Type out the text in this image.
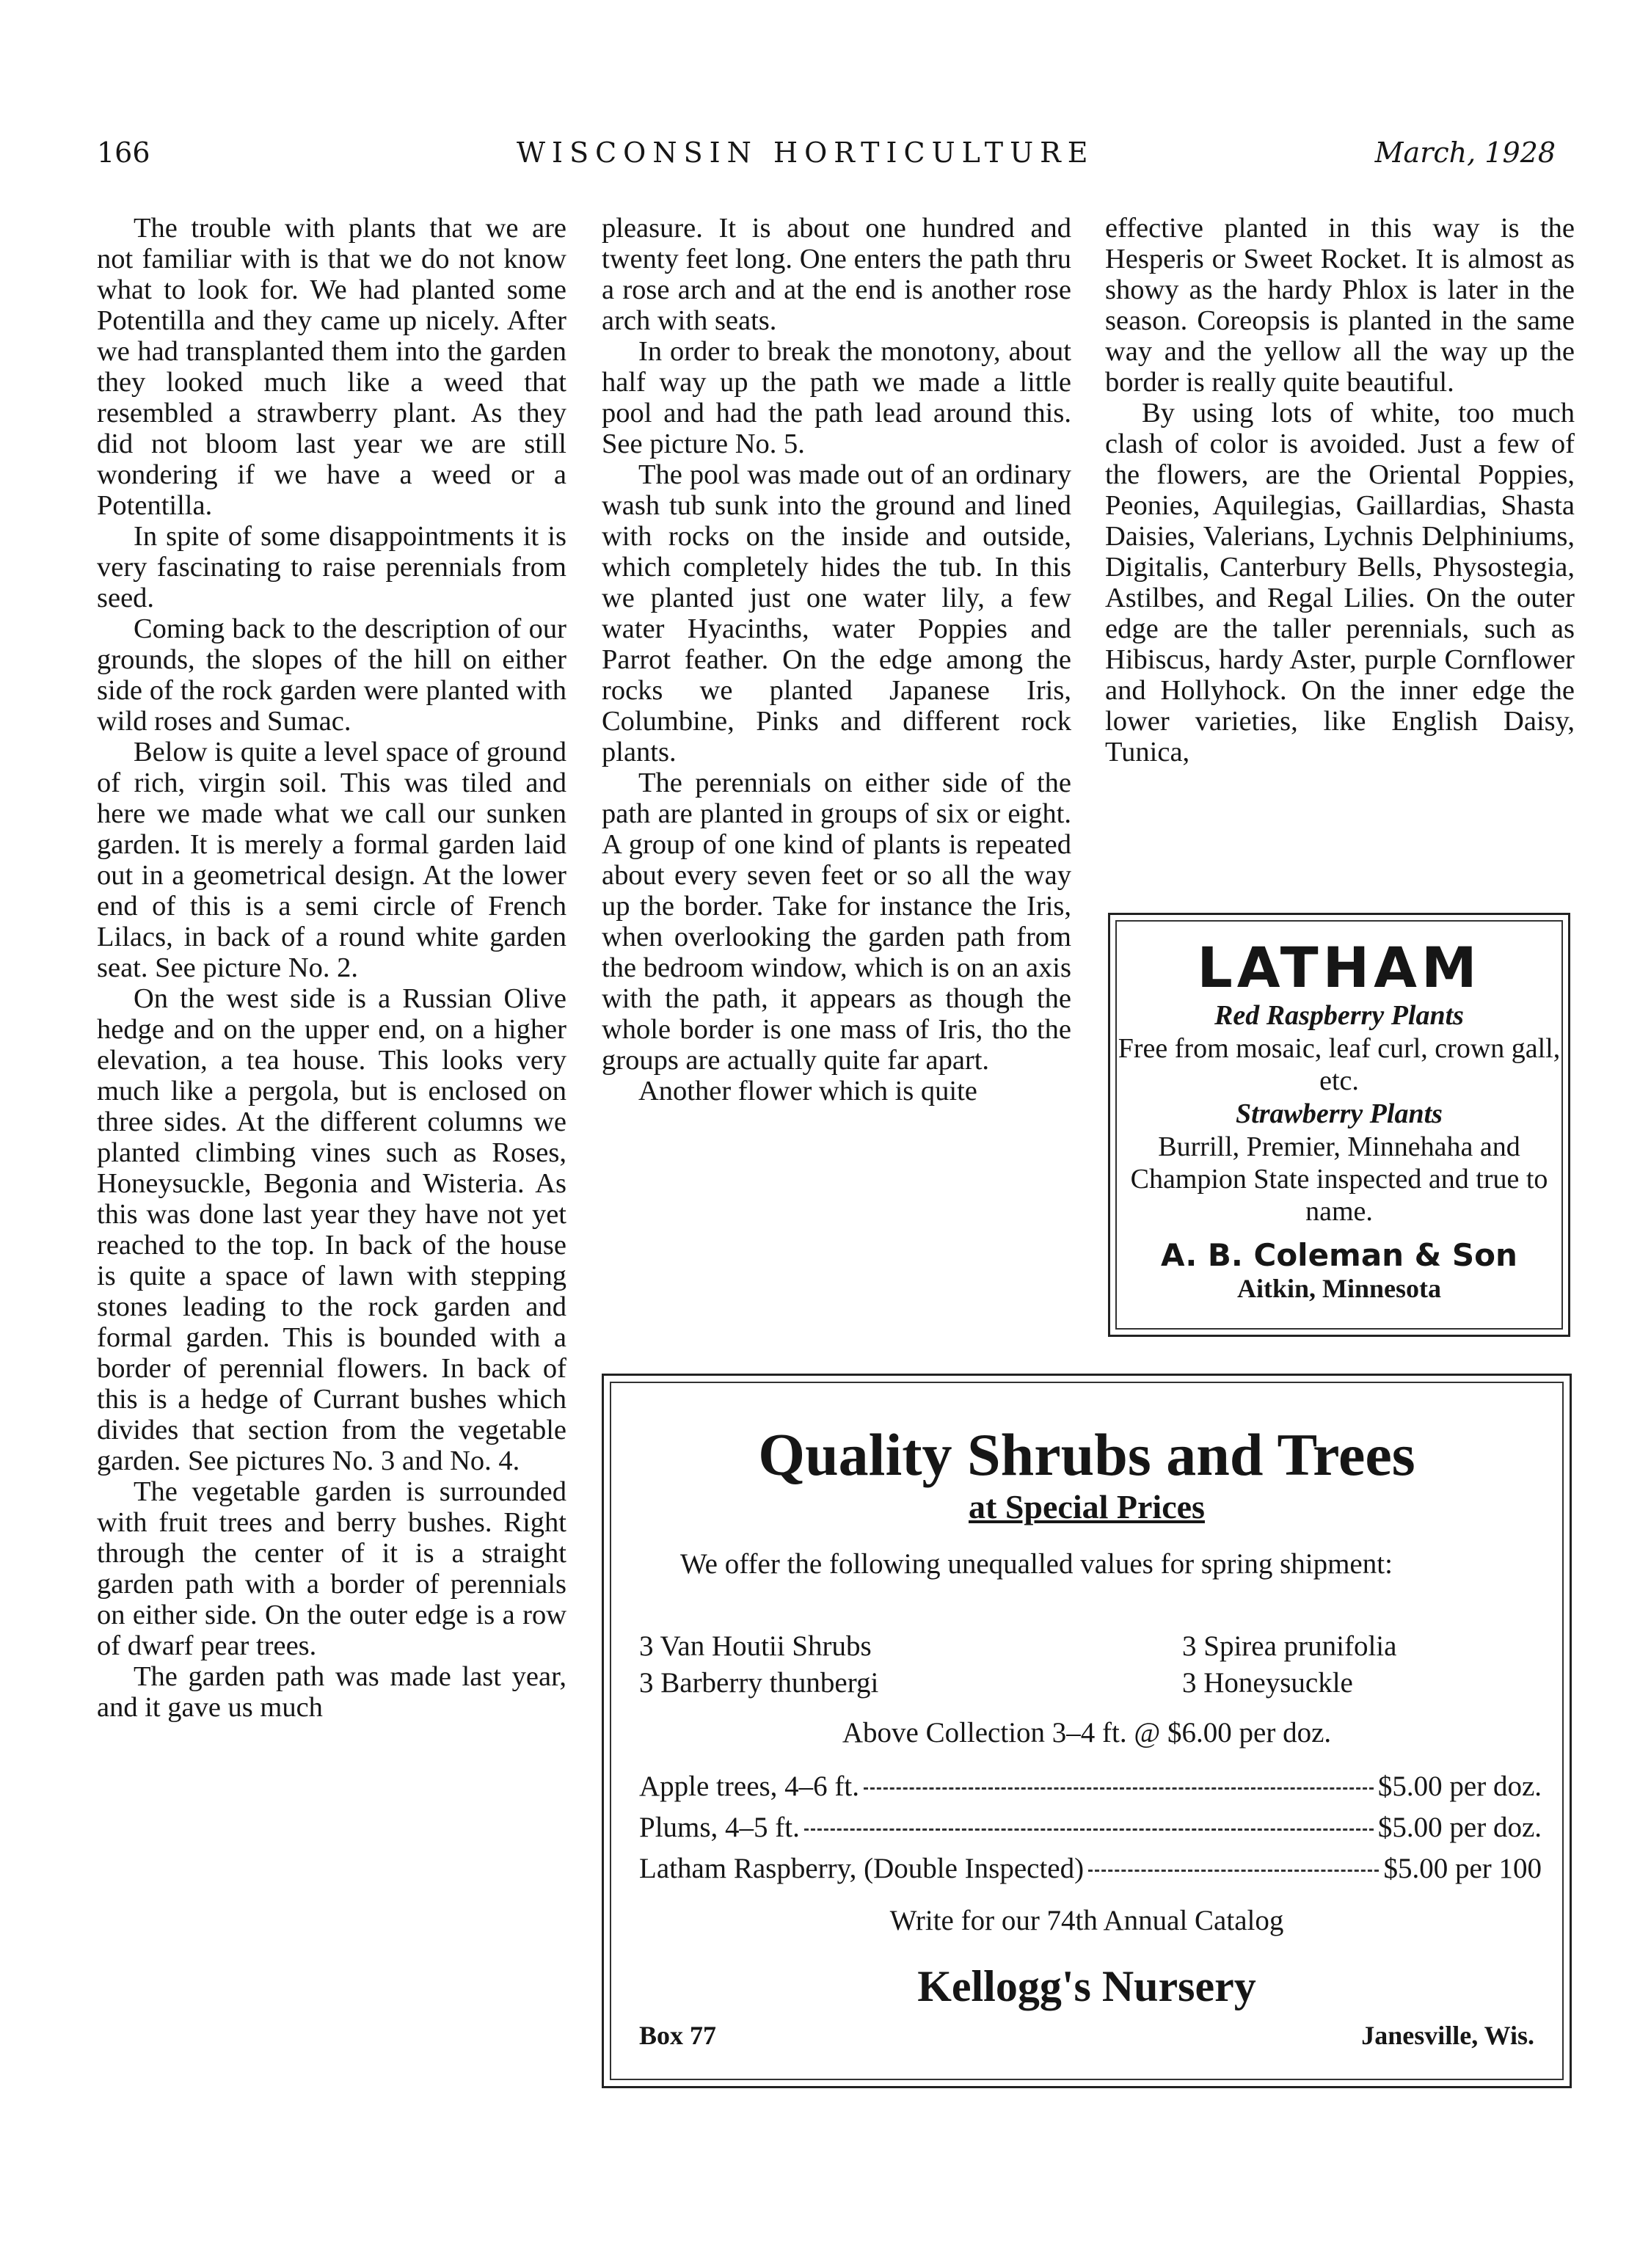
166	WISCONSIN HORTICULTURE	March, 1928

The trouble with plants that we are not familiar with is that we do not know what to look for. We had planted some Potentilla and they came up nicely. After we had transplanted them into the garden they looked much like a weed that resembled a strawberry plant. As they did not bloom last year we are still wondering if we have a weed or a Potentilla.

In spite of some disappointments it is very fascinating to raise perennials from seed.

Coming back to the description of our grounds, the slopes of the hill on either side of the rock garden were planted with wild roses and Sumac.

Below is quite a level space of ground of rich, virgin soil. This was tiled and here we made what we call our sunken garden. It is merely a formal garden laid out in a geometrical design. At the lower end of this is a semi circle of French Lilacs, in back of a round white garden seat. See picture No. 2.

On the west side is a Russian Olive hedge and on the upper end, on a higher elevation, a tea house. This looks very much like a pergola, but is enclosed on three sides. At the different columns we planted climbing vines such as Roses, Honeysuckle, Begonia and Wisteria. As this was done last year they have not yet reached to the top. In back of the house is quite a space of lawn with stepping stones leading to the rock garden and formal garden. This is bounded with a border of perennial flowers. In back of this is a hedge of Currant bushes which divides that section from the vegetable garden. See pictures No. 3 and No. 4.

The vegetable garden is surrounded with fruit trees and berry bushes. Right through the center of it is a straight garden path with a border of perennials on either side. On the outer edge is a row of dwarf pear trees.

The garden path was made last year, and it gave us much

pleasure. It is about one hundred and twenty feet long. One enters the path thru a rose arch and at the end is another rose arch with seats.

In order to break the monotony, about half way up the path we made a little pool and had the path lead around this. See picture No. 5.

The pool was made out of an ordinary wash tub sunk into the ground and lined with rocks on the inside and outside, which completely hides the tub. In this we planted just one water lily, a few water Hyacinths, water Poppies and Parrot feather. On the edge among the rocks we planted Japanese Iris, Columbine, Pinks and different rock plants.

The perennials on either side of the path are planted in groups of six or eight. A group of one kind of plants is repeated about every seven feet or so all the way up the border. Take for instance the Iris, when overlooking the garden path from the bedroom window, which is on an axis with the path, it appears as though the whole border is one mass of Iris, tho the groups are actually quite far apart.

Another flower which is quite

effective planted in this way is the Hesperis or Sweet Rocket. It is almost as showy as the hardy Phlox is later in the season. Coreopsis is planted in the same way and the yellow all the way up the border is really quite beautiful.

By using lots of white, too much clash of color is avoided. Just a few of the flowers, are the Oriental Poppies, Peonies, Aquilegias, Gaillardias, Shasta Daisies, Valerians, Lychnis Delphiniums, Digitalis, Canterbury Bells, Physostegia, Astilbes, and Regal Lilies. On the outer edge are the taller perennials, such as Hibiscus, hardy Aster, purple Cornflower and Hollyhock. On the inner edge the lower varieties, like English Daisy, Tunica,

LATHAM
Red Raspberry Plants
Free from mosaic, leaf curl, crown gall, etc.
Strawberry Plants
Burrill, Premier, Minnehaha and Champion State inspected and true to name.
A. B. Coleman & Son
Aitkin, Minnesota
Quality Shrubs and Trees
at Special Prices
We offer the following unequalled values for spring shipment:
3 Van Houtii Shrubs	3 Spirea prunifolia
3 Barberry thunbergi	3 Honeysuckle
Above Collection 3–4 ft. @ $6.00 per doz.
Apple trees, 4–6 ft.	$5.00 per doz.
Plums, 4–5 ft.	$5.00 per doz.
Latham Raspberry, (Double Inspected)	$5.00 per 100
Write for our 74th Annual Catalog
Kellogg's Nursery
Box 77	Janesville, Wis.
